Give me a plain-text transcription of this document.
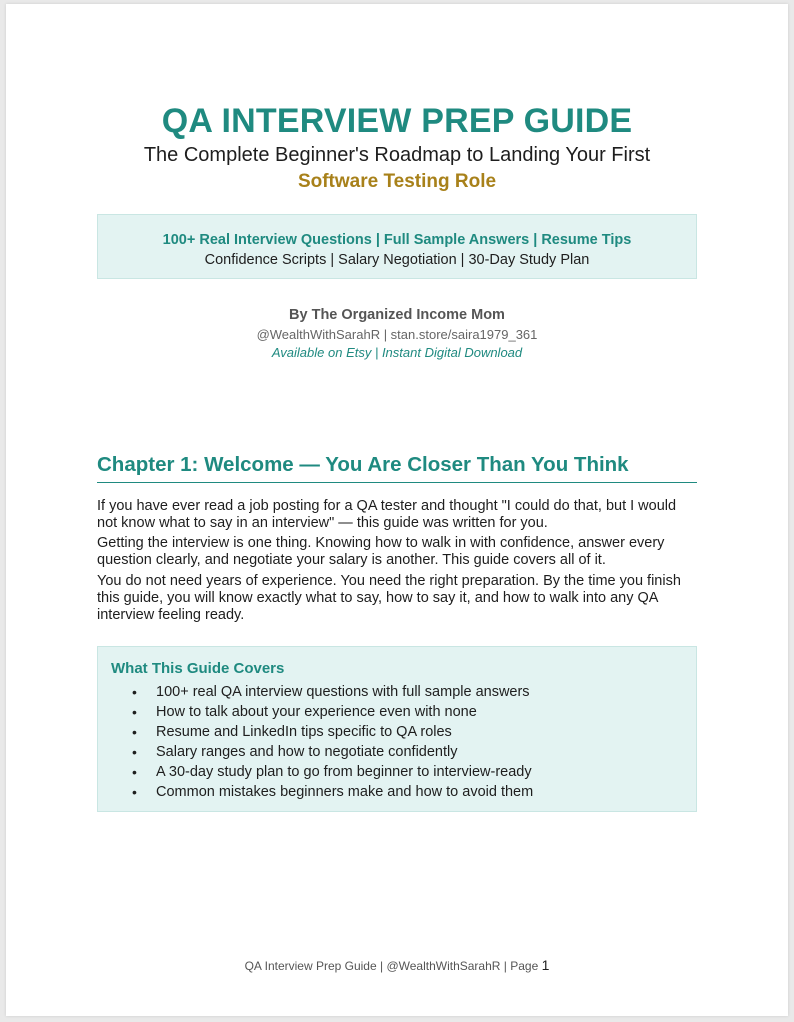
QA INTERVIEW PREP GUIDE
The Complete Beginner's Roadmap to Landing Your First
Software Testing Role
100+ Real Interview Questions | Full Sample Answers | Resume Tips
Confidence Scripts | Salary Negotiation | 30-Day Study Plan
By The Organized Income Mom
@WealthWithSarahR | stan.store/saira1979_361
Available on Etsy | Instant Digital Download
Chapter 1: Welcome — You Are Closer Than You Think

If you have ever read a job posting for a QA tester and thought "I could do that, but I would not know what to say in an interview" — this guide was written for you.

Getting the interview is one thing. Knowing how to walk in with confidence, answer every question clearly, and negotiate your salary is another. This guide covers all of it.

You do not need years of experience. You need the right preparation. By the time you finish this guide, you will know exactly what to say, how to say it, and how to walk into any QA interview feeling ready.

What This Guide Covers
• 100+ real QA interview questions with full sample answers
• How to talk about your experience even with none
• Resume and LinkedIn tips specific to QA roles
• Salary ranges and how to negotiate confidently
• A 30-day study plan to go from beginner to interview-ready
• Common mistakes beginners make and how to avoid them
QA Interview Prep Guide | @WealthWithSarahR | Page 1
